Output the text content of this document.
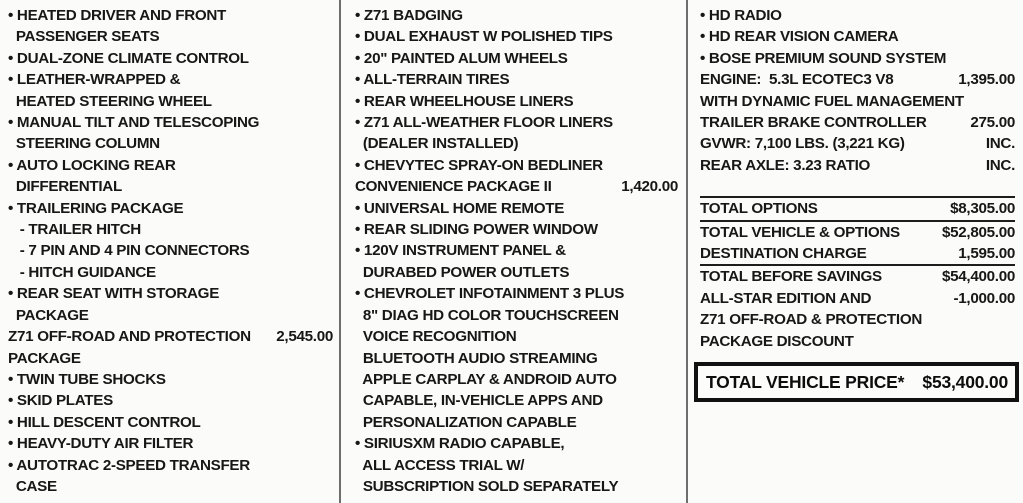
• HEATED DRIVER AND FRONT
PASSENGER SEATS
• DUAL-ZONE CLIMATE CONTROL
• LEATHER-WRAPPED &
HEATED STEERING WHEEL
• MANUAL TILT AND TELESCOPING
STEERING COLUMN
• AUTO LOCKING REAR
DIFFERENTIAL
• TRAILERING PACKAGE
- TRAILER HITCH
- 7 PIN AND 4 PIN CONNECTORS
- HITCH GUIDANCE
• REAR SEAT WITH STORAGE
PACKAGE
Z71 OFF-ROAD AND PROTECTION 2,545.00
PACKAGE
• TWIN TUBE SHOCKS
• SKID PLATES
• HILL DESCENT CONTROL
• HEAVY-DUTY AIR FILTER
• AUTOTRAC 2-SPEED TRANSFER
CASE
• Z71 BADGING
• DUAL EXHAUST W POLISHED TIPS
• 20" PAINTED ALUM WHEELS
• ALL-TERRAIN TIRES
• REAR WHEELHOUSE LINERS
• Z71 ALL-WEATHER FLOOR LINERS
(DEALER INSTALLED)
• CHEVYTEC SPRAY-ON BEDLINER
CONVENIENCE PACKAGE II	1,420.00
• UNIVERSAL HOME REMOTE
• REAR SLIDING POWER WINDOW
• 120V INSTRUMENT PANEL &
DURABED POWER OUTLETS
• CHEVROLET INFOTAINMENT 3 PLUS
8" DIAG HD COLOR TOUCHSCREEN
VOICE RECOGNITION
BLUETOOTH AUDIO STREAMING
APPLE CARPLAY & ANDROID AUTO
CAPABLE, IN-VEHICLE APPS AND
PERSONALIZATION CAPABLE
• SIRIUSXM RADIO CAPABLE,
ALL ACCESS TRIAL W/
SUBSCRIPTION SOLD SEPARATELY
• HD RADIO
• HD REAR VISION CAMERA
• BOSE PREMIUM SOUND SYSTEM
ENGINE:  5.3L ECOTEC3 V8	1,395.00
WITH DYNAMIC FUEL MANAGEMENT
TRAILER BRAKE CONTROLLER	275.00
GVWR: 7,100 LBS. (3,221 KG)	INC.
REAR AXLE: 3.23 RATIO	INC.
TOTAL OPTIONS	$8,305.00
TOTAL VEHICLE & OPTIONS	$52,805.00
DESTINATION CHARGE	1,595.00
TOTAL BEFORE SAVINGS	$54,400.00
ALL-STAR EDITION AND	-1,000.00
Z71 OFF-ROAD & PROTECTION
PACKAGE DISCOUNT
TOTAL VEHICLE PRICE* $53,400.00
